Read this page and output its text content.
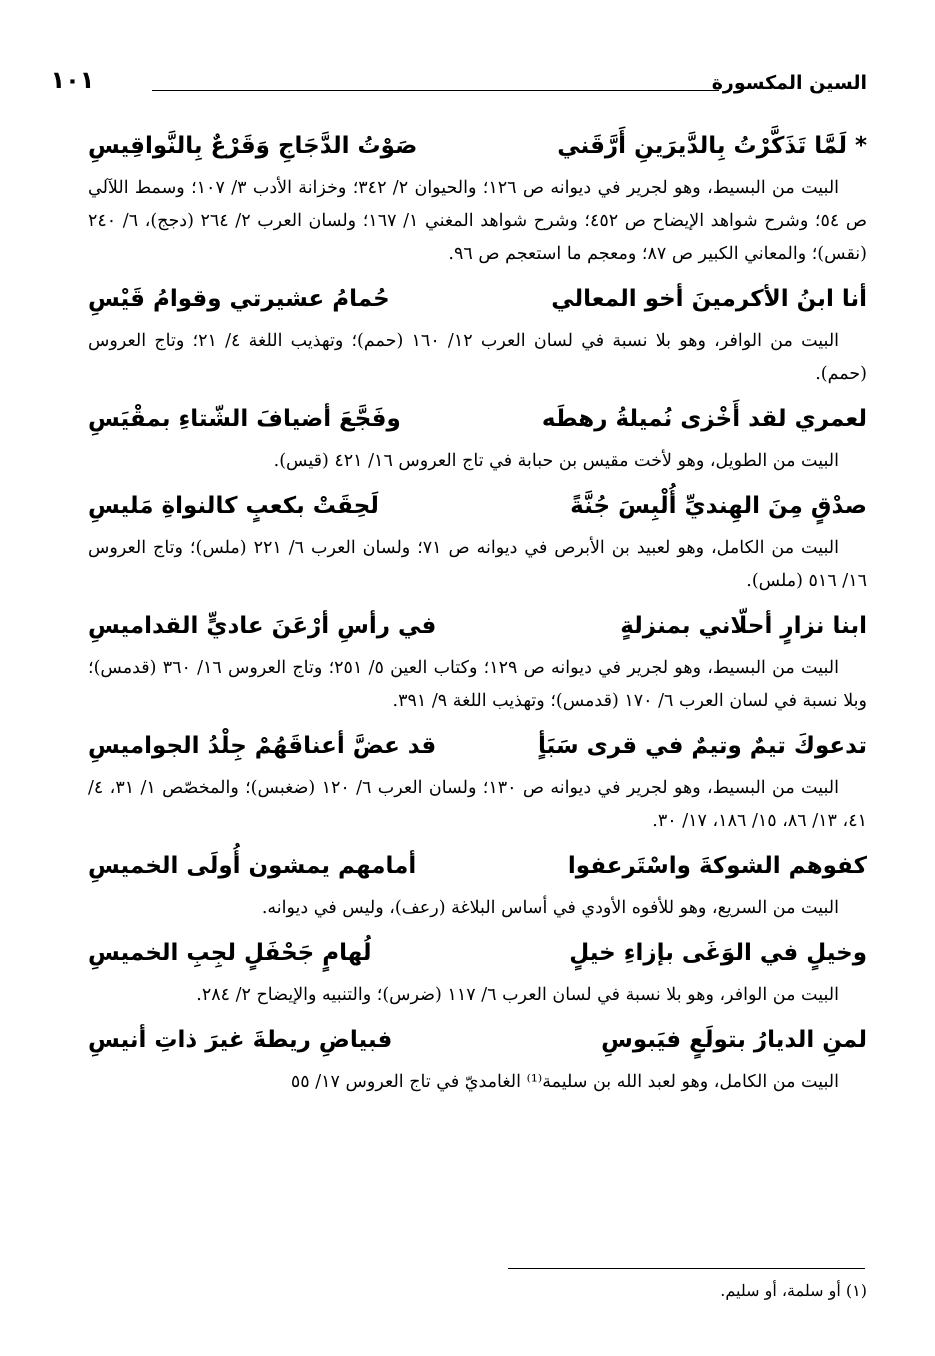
السين المكسورة
١٠١
* لَمَّا تَذَكَّرْتُ بِالدَّيرَينِ أَرَّقَني
صَوْتُ الدَّجَاجِ وَقَرْعٌ بِالنَّواقِيسِ

البيت من البسيط، وهو لجرير في ديوانه ص ١٢٦؛ والحيوان ٢/ ٣٤٢؛ وخزانة الأدب ٣/ ١٠٧؛ وسمط اللآلي ص ٥٤؛ وشرح شواهد الإيضاح ص ٤٥٢؛ وشرح شواهد المغني ١/ ١٦٧؛ ولسان العرب ٢/ ٢٦٤ (دجج)، ٦/ ٢٤٠ (نقس)؛ والمعاني الكبير ص ٨٧؛ ومعجم ما استعجم ص ٩٦.

أنا ابنُ الأكرمينَ أخو المعالي
حُمامُ عشيرتي وقوامُ قَيْسِ

البيت من الوافر، وهو بلا نسبة في لسان العرب ١٢/ ١٦٠ (حمم)؛ وتهذيب اللغة ٤/ ٢١؛ وتاج العروس (حمم).

لعمري لقد أَخْزى نُميلةُ رهطَه
وفَجَّعَ أضيافَ الشّتاءِ بمقْيَسِ

البيت من الطويل، وهو لأخت مقيس بن حبابة في تاج العروس ١٦/ ٤٢١ (قيس).

صدْقٍ مِنَ الهِنديِّ أُلْبِسَ جُنَّةً
لَحِقَتْ بكعبٍ كالنواةِ مَليسِ

البيت من الكامل، وهو لعبيد بن الأبرص في ديوانه ص ٧١؛ ولسان العرب ٦/ ٢٢١ (ملس)؛ وتاج العروس ١٦/ ٥١٦ (ملس).

ابنا نزارٍ أحلّاني بمنزلةٍ
في رأسِ أرْعَنَ عاديٍّ القداميسِ

البيت من البسيط، وهو لجرير في ديوانه ص ١٢٩؛ وكتاب العين ٥/ ٢٥١؛ وتاج العروس ١٦/ ٣٦٠ (قدمس)؛ وبلا نسبة في لسان العرب ٦/ ١٧٠ (قدمس)؛ وتهذيب اللغة ٩/ ٣٩١.

تدعوكَ تيمٌ وتيمٌ في قرى سَبَأٍ
قد عضَّ أعناقَهُمْ جِلْدُ الجواميسِ

البيت من البسيط، وهو لجرير في ديوانه ص ١٣٠؛ ولسان العرب ٦/ ١٢٠ (ضغبس)؛ والمخصّص ١/ ٣١، ٤/ ٤١، ١٣/ ٨٦، ١٥/ ١٨٦، ١٧/ ٣٠.

كفوهم الشوكةَ واسْتَرعفوا
أمامهم يمشون أُولَى الخميسِ

البيت من السريع، وهو للأفوه الأودي في أساس البلاغة (رعف)، وليس في ديوانه.

وخيلٍ في الوَغَى بإزاءِ خيلٍ
لُهامٍ جَحْفَلٍ لجِبِ الخميسِ

البيت من الوافر، وهو بلا نسبة في لسان العرب ٦/ ١١٧ (ضرس)؛ والتنبيه والإيضاح ٢/ ٢٨٤.

لمنِ الديارُ بتولَعٍ فيَبوسِ
فبياضِ ريطةَ غيرَ ذاتِ أنيسِ

البيت من الكامل، وهو لعبد الله بن سليمة⁽¹⁾ الغامديّ في تاج العروس ١٧/ ٥٥

(١) أو سلمة، أو سليم.
